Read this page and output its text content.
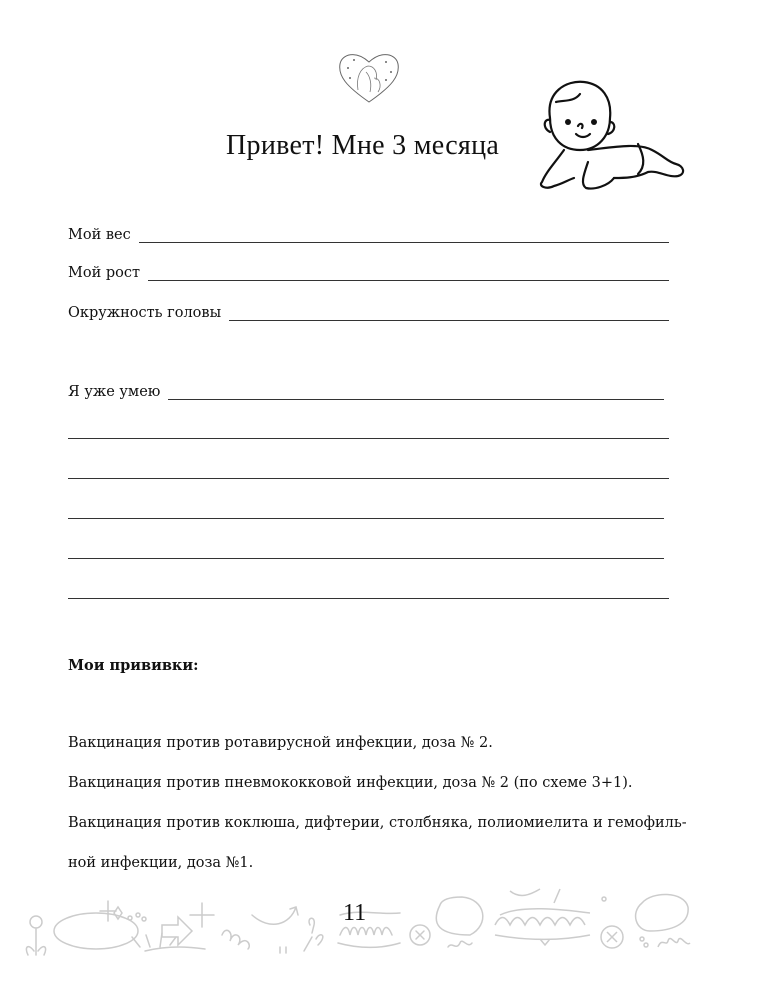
Привет! Мне 3 месяца
Мой вес
Мой рост
Окружность головы
Я уже умею
Мои прививки:
Вакцинация против ротавирусной инфекции, доза № 2.
Вакцинация против пневмококковой инфекции, доза № 2 (по схеме 3+1).
Вакцинация против коклюша, дифтерии, столбняка, полиомиелита и гемофиль-
ной инфекции, доза №1.
11
